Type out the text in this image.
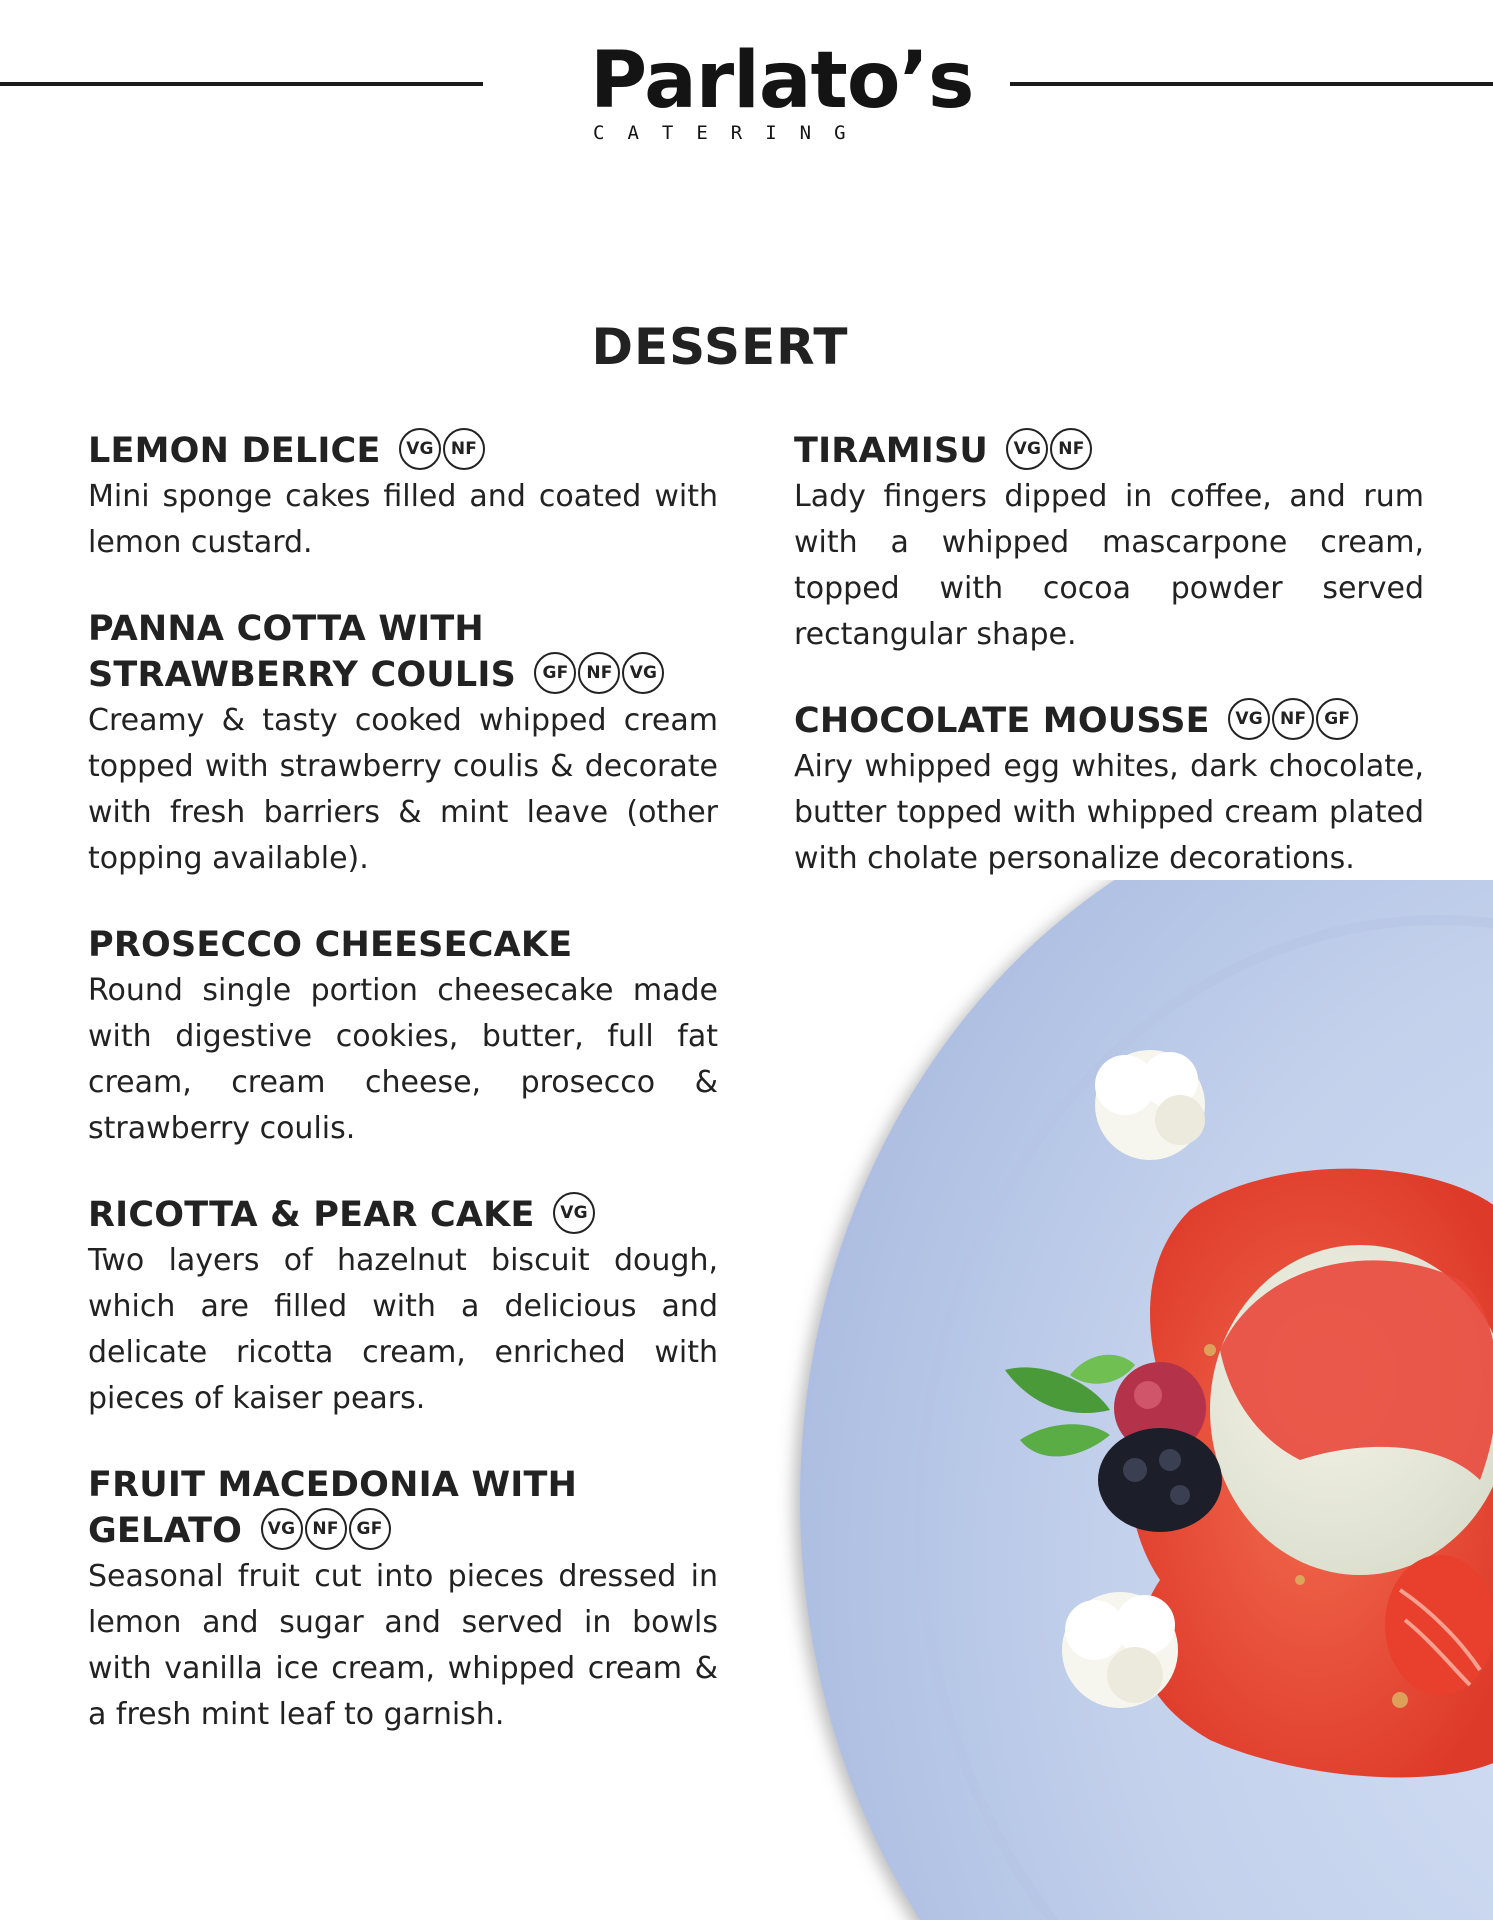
Parlato’s
CATERING
DESSERT
LEMON DELICE VG NF
Mini sponge cakes filled and coated with lemon custard.
PANNA COTTA WITH STRAWBERRY COULIS GF NF VG
Creamy & tasty cooked whipped cream topped with strawberry coulis & decorate with fresh barriers & mint leave (other topping available).
PROSECCO CHEESECAKE
Round single portion cheesecake made with digestive cookies, butter, full fat cream, cream cheese, prosecco & strawberry coulis.
RICOTTA & PEAR CAKE VG
Two layers of hazelnut biscuit dough, which are filled with a delicious and delicate ricotta cream, enriched with pieces of kaiser pears.
FRUIT MACEDONIA WITH GELATO VG NF GF
Seasonal fruit cut into pieces dressed in lemon and sugar and served in bowls with vanilla ice cream, whipped cream & a fresh mint leaf to garnish.
TIRAMISU VG NF
Lady fingers dipped in coffee, and rum with a whipped mascarpone cream, topped with cocoa powder served rectangular shape.
CHOCOLATE MOUSSE VG NF GF
Airy whipped egg whites, dark chocolate, butter topped with whipped cream plated with cholate personalize decorations.
